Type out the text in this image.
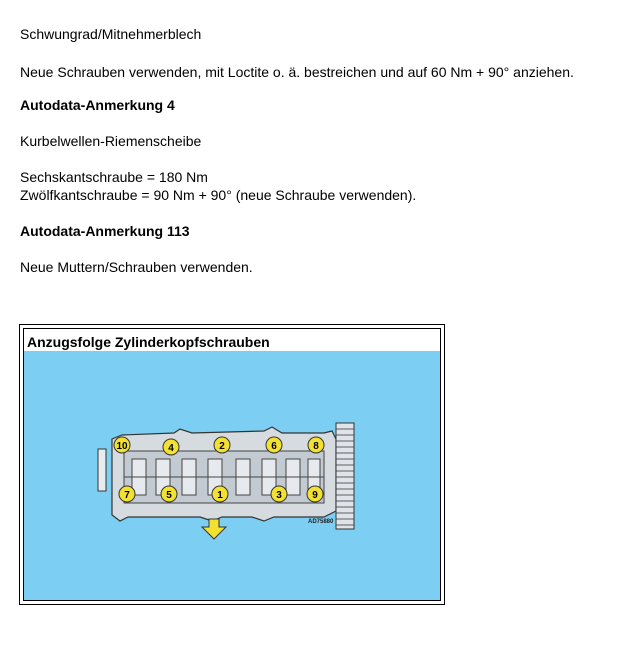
Schwungrad/Mitnehmerblech

Neue Schrauben verwenden, mit Loctite o. ä. bestreichen und auf 60 Nm + 90° anziehen.

Autodata-Anmerkung 4

Kurbelwellen-Riemenscheibe

Sechskantschraube = 180 Nm

Zwölfkantschraube = 90 Nm + 90° (neue Schraube verwenden).

Autodata-Anmerkung 113

Neue Muttern/Schrauben verwenden.

Anzugsfolge Zylinderkopfschrauben
10	4	2	6	8
7	5	1	3	9
AD75880
